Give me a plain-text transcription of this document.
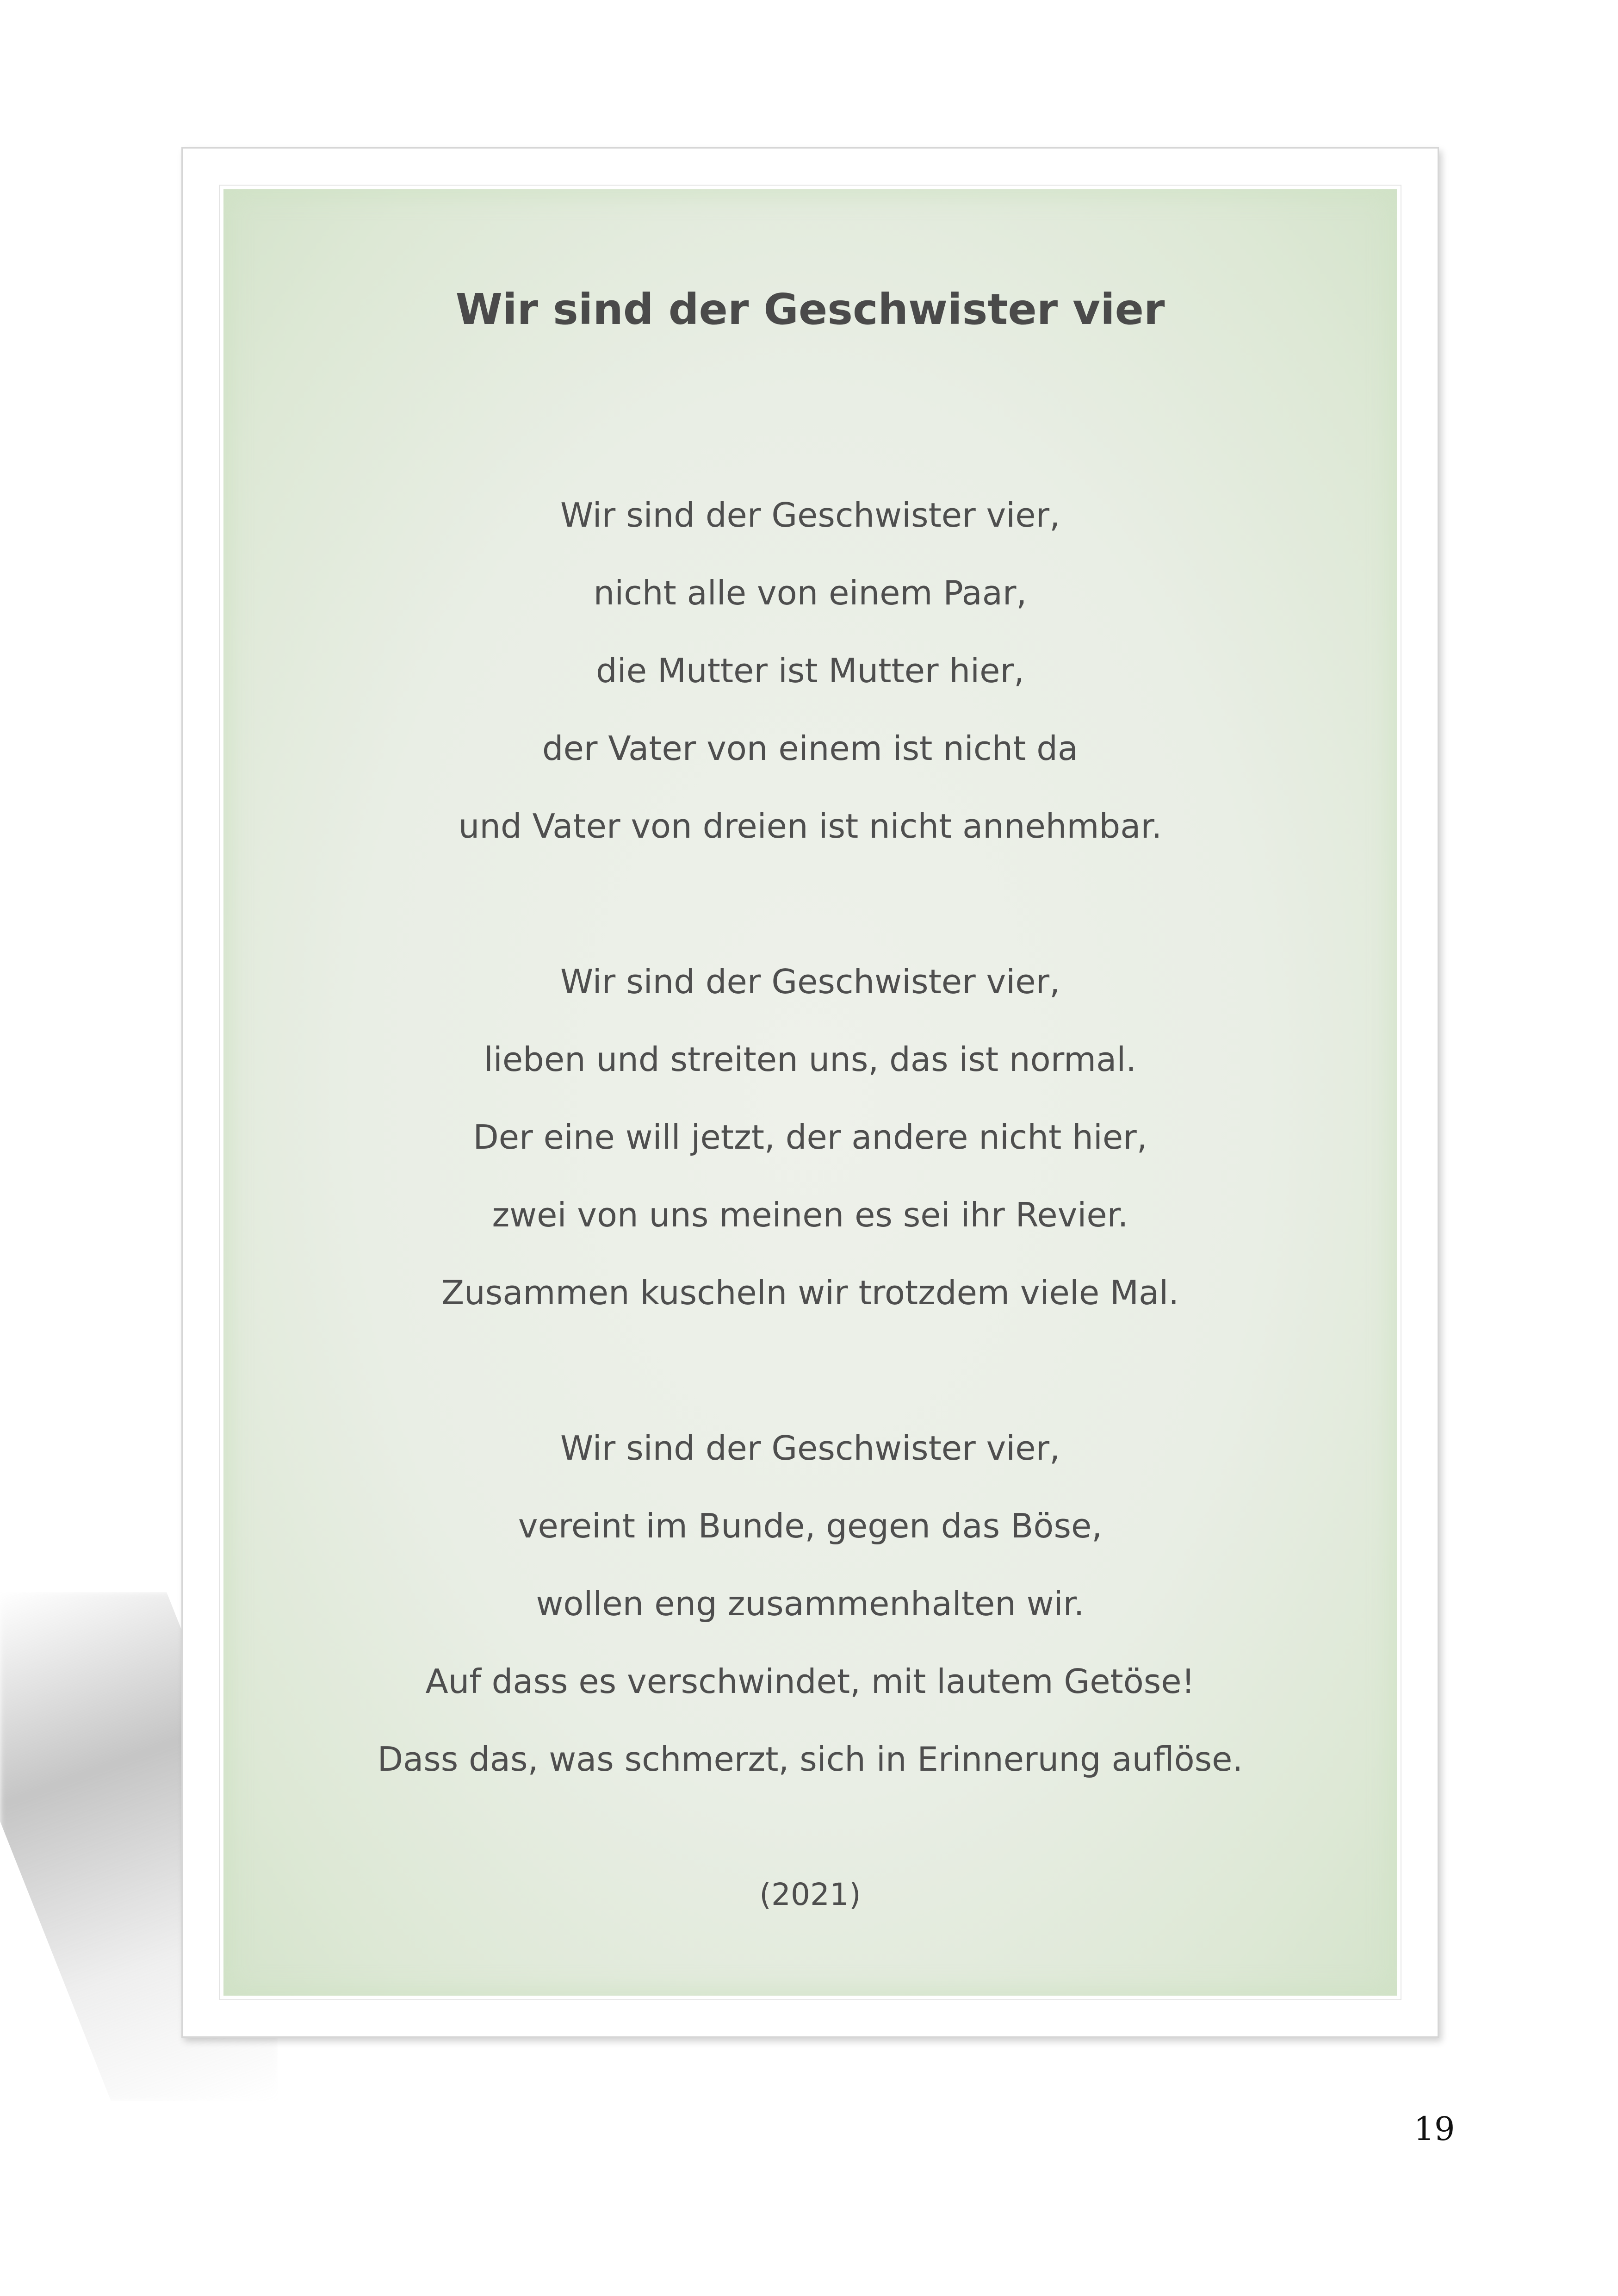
Wir sind der Geschwister vier
Wir sind der Geschwister vier,
nicht alle von einem Paar,
die Mutter ist Mutter hier,
der Vater von einem ist nicht da
und Vater von dreien ist nicht annehmbar.
Wir sind der Geschwister vier,
lieben und streiten uns, das ist normal.
Der eine will jetzt, der andere nicht hier,
zwei von uns meinen es sei ihr Revier.
Zusammen kuscheln wir trotzdem viele Mal.
Wir sind der Geschwister vier,
vereint im Bunde, gegen das Böse,
wollen eng zusammenhalten wir.
Auf dass es verschwindet, mit lautem Getöse!
Dass das, was schmerzt, sich in Erinnerung auflöse.
(2021)
19
